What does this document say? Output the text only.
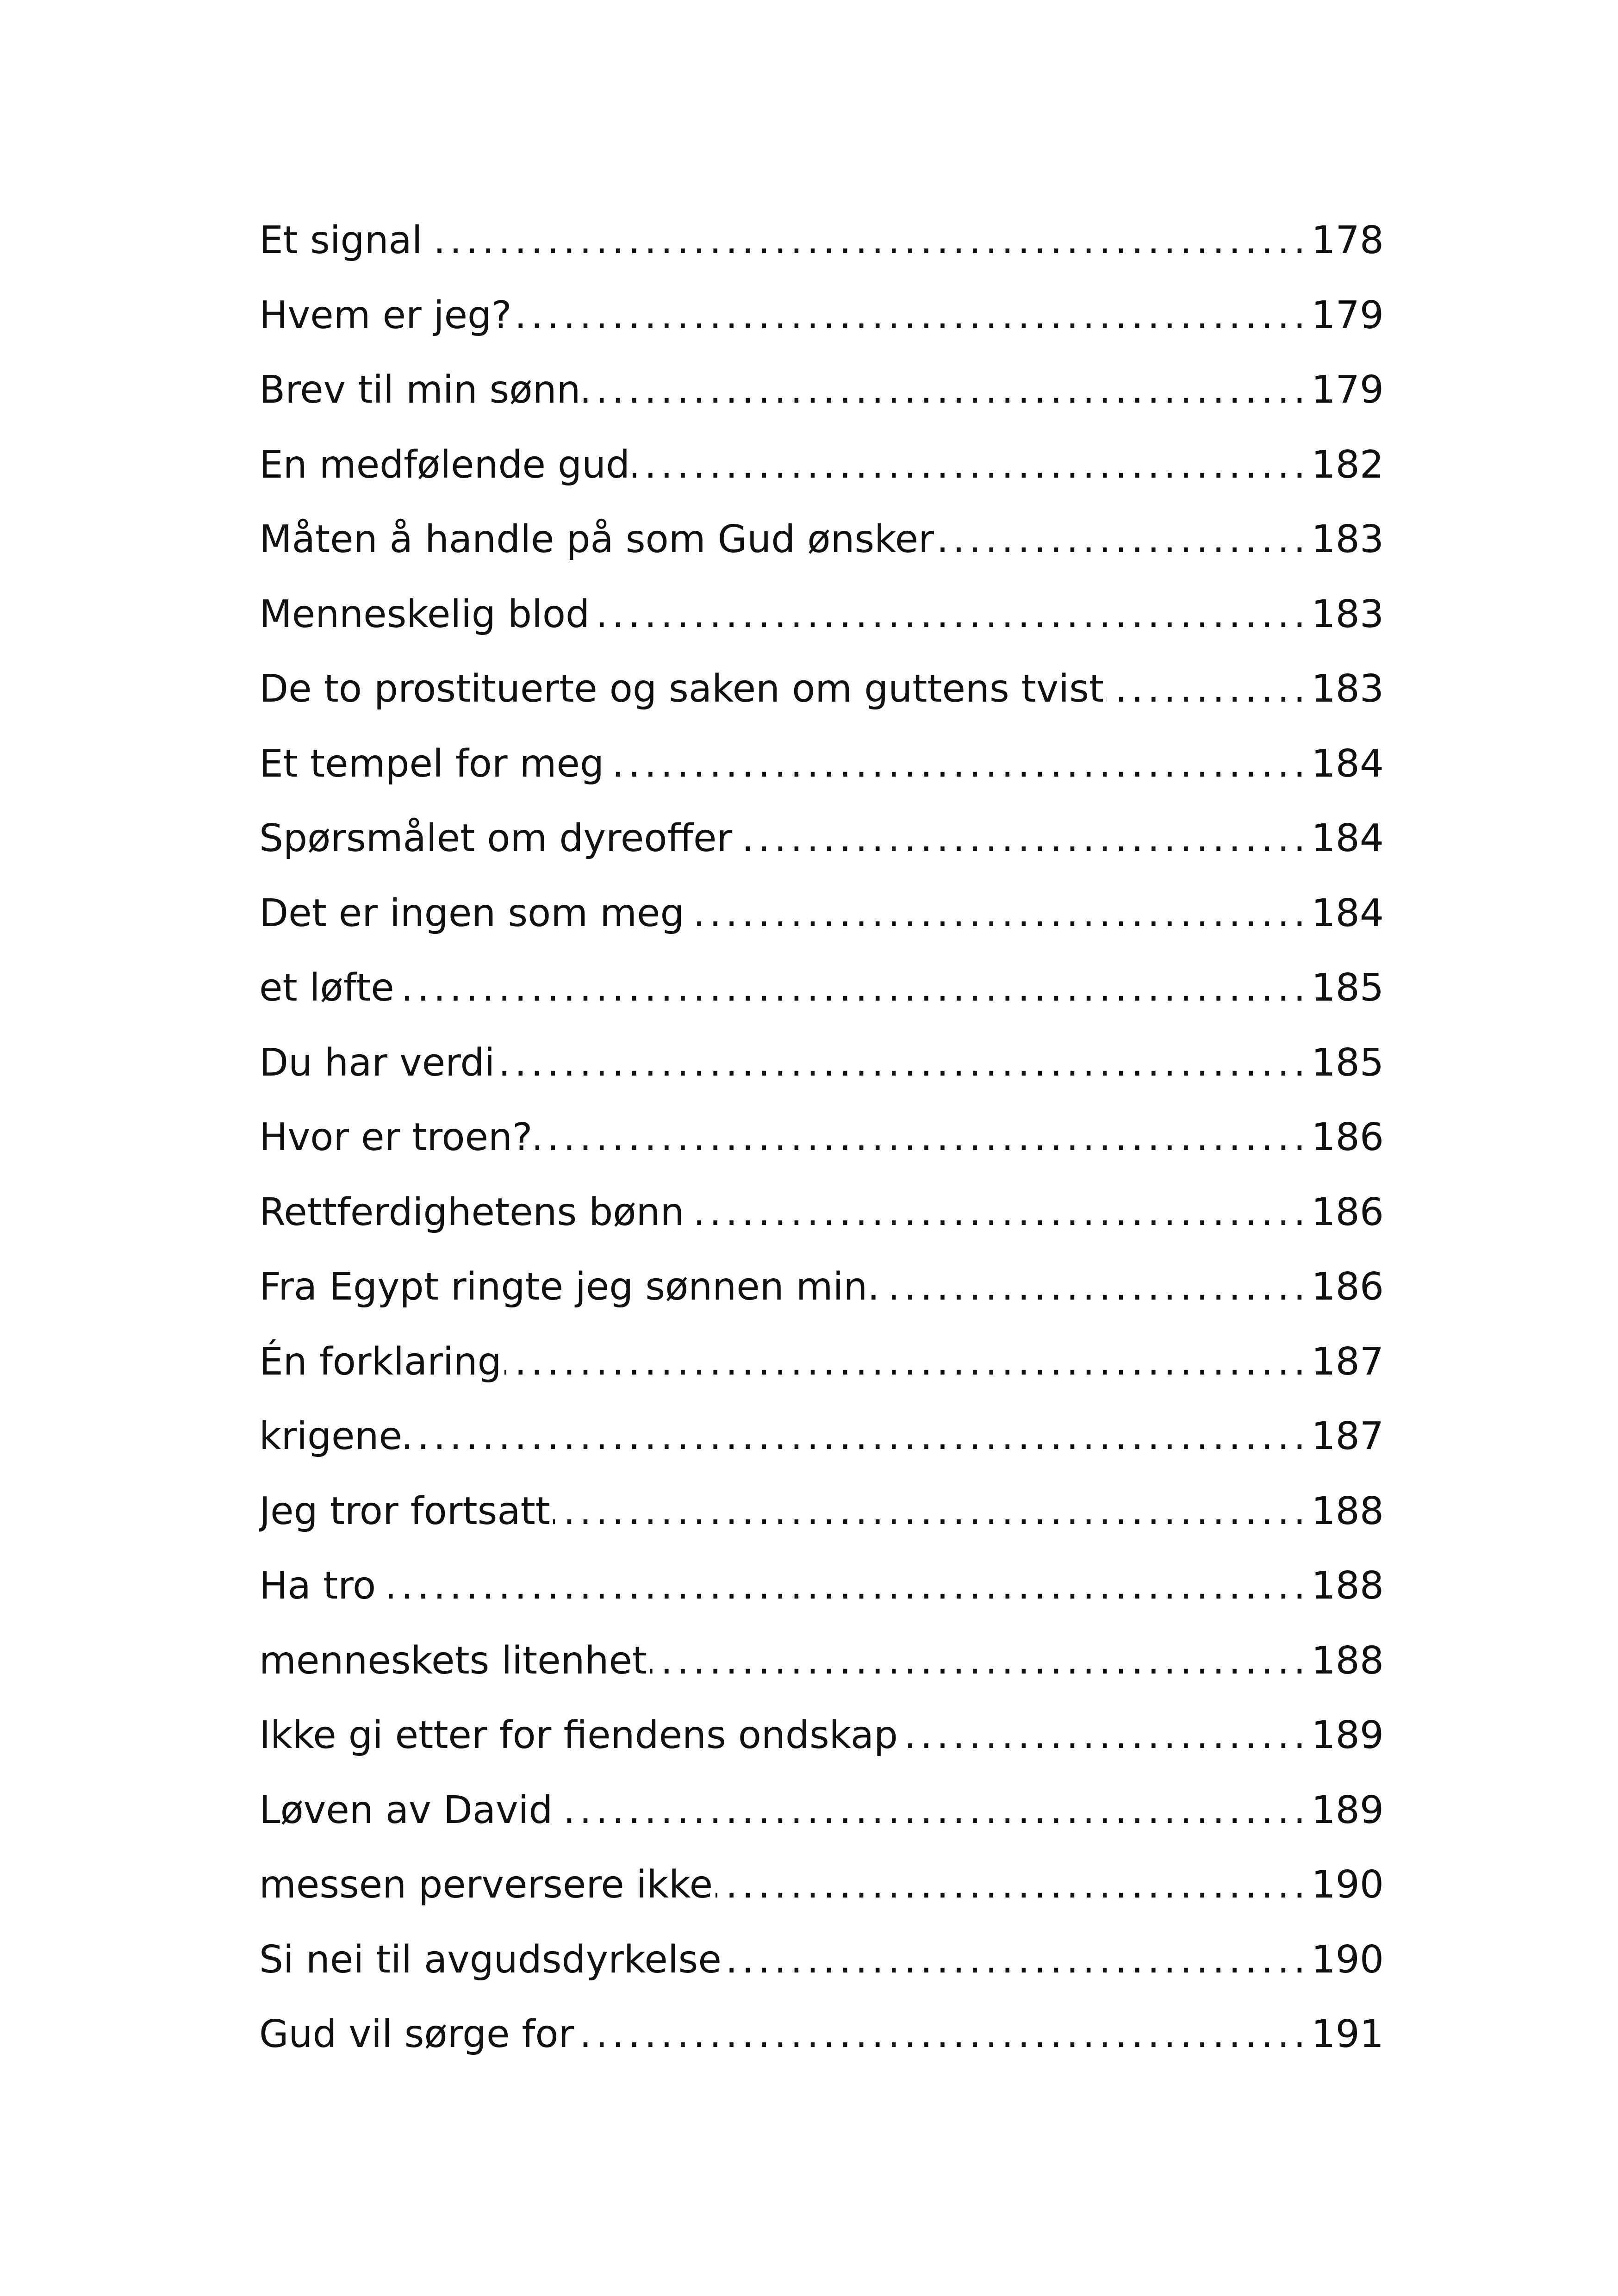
Et signal .....	178
Hvem er jeg? .....	179
Brev til min sønn .....	179
En medfølende gud .....	182
Måten å handle på som Gud ønsker .....	183
Menneskelig blod .....	183
De to prostituerte og saken om guttens tvist .....	183
Et tempel for meg .....	184
Spørsmålet om dyreoffer .....	184
Det er ingen som meg .....	184
et løfte .....	185
Du har verdi .....	185
Hvor er troen? .....	186
Rettferdighetens bønn .....	186
Fra Egypt ringte jeg sønnen min. .....	186
Én forklaring .....	187
krigene .....	187
Jeg tror fortsatt .....	188
Ha tro .....	188
menneskets litenhet .....	188
Ikke gi etter for fiendens ondskap .....	189
Løven av David .....	189
messen perversere ikke .....	190
Si nei til avgudsdyrkelse .....	190
Gud vil sørge for .....	191
